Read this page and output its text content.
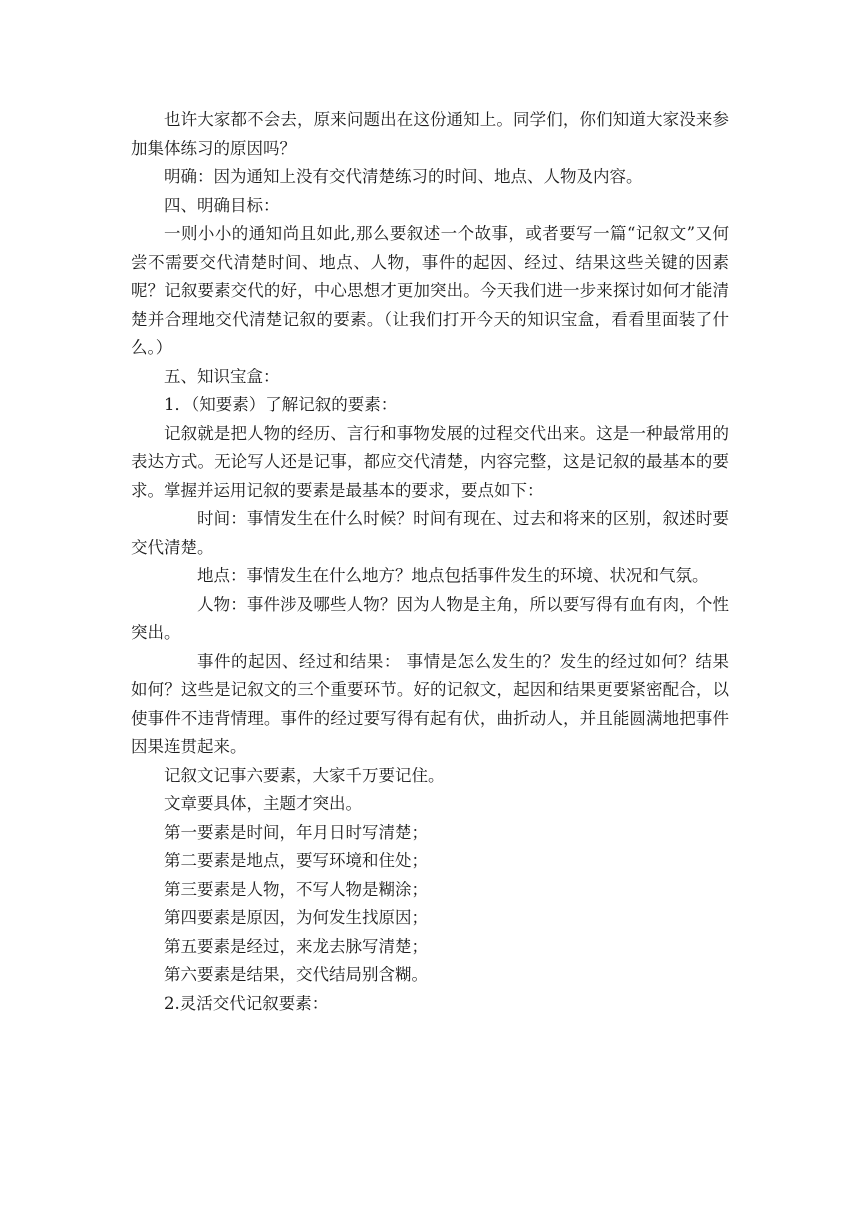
也许大家都不会去，原来问题出在这份通知上。同学们，你们知道大家没来参加集体练习的原因吗？

明确：因为通知上没有交代清楚练习的时间、地点、人物及内容。

四、明确目标：

一则小小的通知尚且如此,那么要叙述一个故事，或者要写一篇“记叙文”又何尝不需要交代清楚时间、地点、人物，事件的起因、经过、结果这些关键的因素呢？记叙要素交代的好，中心思想才更加突出。今天我们进一步来探讨如何才能清楚并合理地交代清楚记叙的要素。（让我们打开今天的知识宝盒，看看里面装了什么。）

五、知识宝盒：

1．（知要素）了解记叙的要素：

记叙就是把人物的经历、言行和事物发展的过程交代出来。这是一种最常用的表达方式。无论写人还是记事，都应交代清楚，内容完整，这是记叙的最基本的要求。掌握并运用记叙的要素是最基本的要求，要点如下：

时间：事情发生在什么时候？时间有现在、过去和将来的区别，叙述时要交代清楚。

地点：事情发生在什么地方？地点包括事件发生的环境、状况和气氛。

人物：事件涉及哪些人物？因为人物是主角，所以要写得有血有肉，个性突出。

事件的起因、经过和结果： 事情是怎么发生的？发生的经过如何？结果如何？这些是记叙文的三个重要环节。好的记叙文，起因和结果更要紧密配合，以使事件不违背情理。事件的经过要写得有起有伏，曲折动人，并且能圆满地把事件因果连贯起来。

记叙文记事六要素，大家千万要记住。

文章要具体，主题才突出。

第一要素是时间，年月日时写清楚；

第二要素是地点，要写环境和住处；

第三要素是人物，不写人物是糊涂；

第四要素是原因，为何发生找原因；

第五要素是经过，来龙去脉写清楚；

第六要素是结果，交代结局别含糊。

2.灵活交代记叙要素：
